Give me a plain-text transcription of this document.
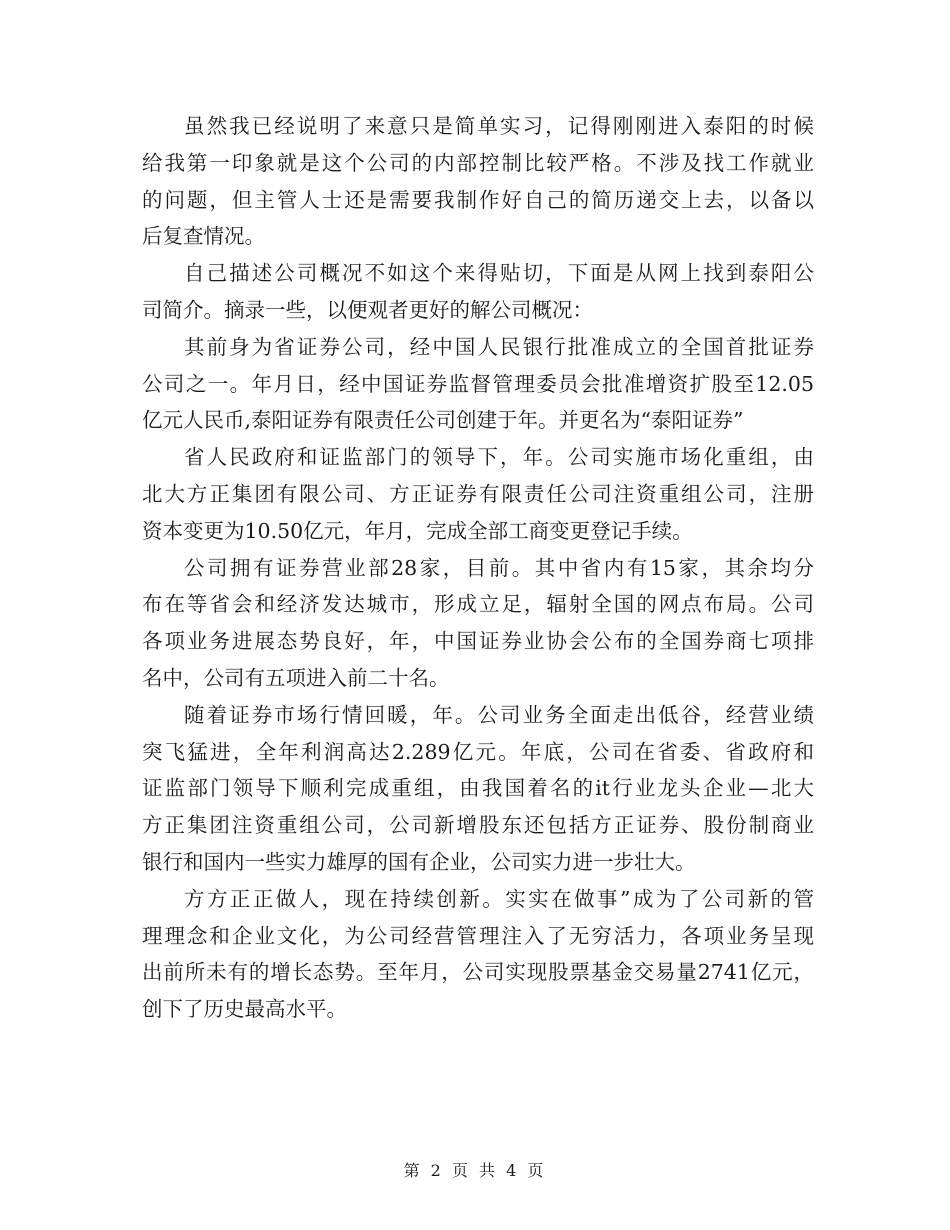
虽然我已经说明了来意只是简单实习，记得刚刚进入泰阳的时候
给我第一印象就是这个公司的内部控制比较严格。不涉及找工作就业
的问题，但主管人士还是需要我制作好自己的简历递交上去，以备以
后复查情况。
自己描述公司概况不如这个来得贴切，下面是从网上找到泰阳公
司简介。摘录一些，以便观者更好的解公司概况：
其前身为省证券公司，经中国人民银行批准成立的全国首批证券
公司之一。年月日，经中国证券监督管理委员会批准增资扩股至12.05
亿元人民币,泰阳证券有限责任公司创建于年。并更名为“泰阳证券”
省人民政府和证监部门的领导下，年。公司实施市场化重组，由
北大方正集团有限公司、方正证券有限责任公司注资重组公司，注册
资本变更为10.50亿元，年月，完成全部工商变更登记手续。
公司拥有证券营业部28家，目前。其中省内有15家，其余均分
布在等省会和经济发达城市，形成立足，辐射全国的网点布局。公司
各项业务进展态势良好，年，中国证券业协会公布的全国券商七项排
名中，公司有五项进入前二十名。
随着证券市场行情回暖，年。公司业务全面走出低谷，经营业绩
突飞猛进，全年利润高达2.289亿元。年底，公司在省委、省政府和
证监部门领导下顺利完成重组，由我国着名的it行业龙头企业—北大
方正集团注资重组公司，公司新增股东还包括方正证券、股份制商业
银行和国内一些实力雄厚的国有企业，公司实力进一步壮大。
方方正正做人，现在持续创新。实实在做事”成为了公司新的管
理理念和企业文化，为公司经营管理注入了无穷活力，各项业务呈现
出前所未有的增长态势。至年月，公司实现股票基金交易量2741亿元，
创下了历史最高水平。
第 2 页 共 4 页
